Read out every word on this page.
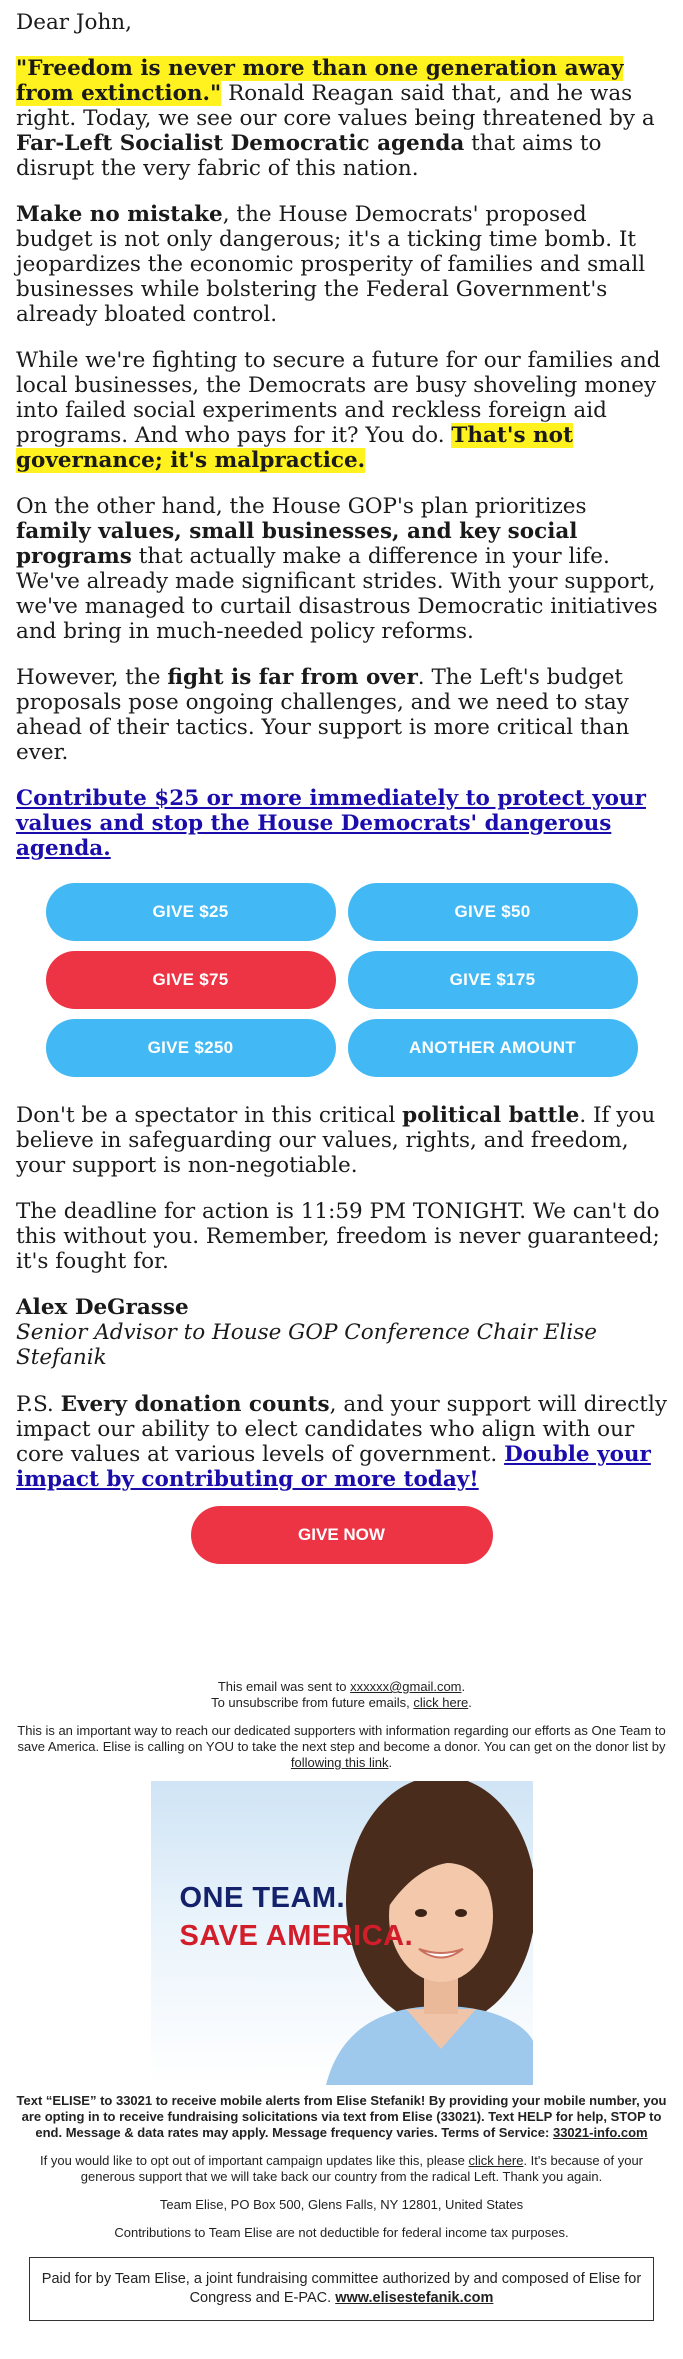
Dear John,

"Freedom is never more than one generation away from extinction." Ronald Reagan said that, and he was right. Today, we see our core values being threatened by a Far-Left Socialist Democratic agenda that aims to disrupt the very fabric of this nation.

Make no mistake, the House Democrats' proposed budget is not only dangerous; it's a ticking time bomb. It jeopardizes the economic prosperity of families and small businesses while bolstering the Federal Government's already bloated control.

While we're fighting to secure a future for our families and local businesses, the Democrats are busy shoveling money into failed social experiments and reckless foreign aid programs. And who pays for it? You do. That's not governance; it's malpractice.

On the other hand, the House GOP's plan prioritizes family values, small businesses, and key social programs that actually make a difference in your life. We've already made significant strides. With your support, we've managed to curtail disastrous Democratic initiatives and bring in much-needed policy reforms.

However, the fight is far from over. The Left's budget proposals pose ongoing challenges, and we need to stay ahead of their tactics. Your support is more critical than ever.

Contribute $25 or more immediately to protect your values and stop the House Democrats' dangerous agenda.

GIVE $25	GIVE $50
GIVE $75	GIVE $175
GIVE $250	ANOTHER AMOUNT

Don't be a spectator in this critical political battle. If you believe in safeguarding our values, rights, and freedom, your support is non-negotiable.

The deadline for action is 11:59 PM TONIGHT. We can't do this without you. Remember, freedom is never guaranteed; it's fought for.

Alex DeGrasse
Senior Advisor to House GOP Conference Chair Elise Stefanik

P.S. Every donation counts, and your support will directly impact our ability to elect candidates who align with our core values at various levels of government. Double your impact by contributing or more today!

GIVE NOW
This email was sent to xxxxxx@gmail.com.
To unsubscribe from future emails, click here.
This is an important way to reach our dedicated supporters with information regarding our efforts as One Team to save America. Elise is calling on YOU to take the next step and become a donor. You can get on the donor list by following this link.
ONE TEAM.
SAVE AMERICA.
Text “ELISE” to 33021 to receive mobile alerts from Elise Stefanik! By providing your mobile number, you are opting in to receive fundraising solicitations via text from Elise (33021). Text HELP for help, STOP to end. Message & data rates may apply. Message frequency varies. Terms of Service: 33021-info.com
If you would like to opt out of important campaign updates like this, please click here. It's because of your generous support that we will take back our country from the radical Left. Thank you again.
Team Elise, PO Box 500, Glens Falls, NY 12801, United States
Contributions to Team Elise are not deductible for federal income tax purposes.
Paid for by Team Elise, a joint fundraising committee authorized by and composed of Elise for Congress and E-PAC. www.elisestefanik.com
